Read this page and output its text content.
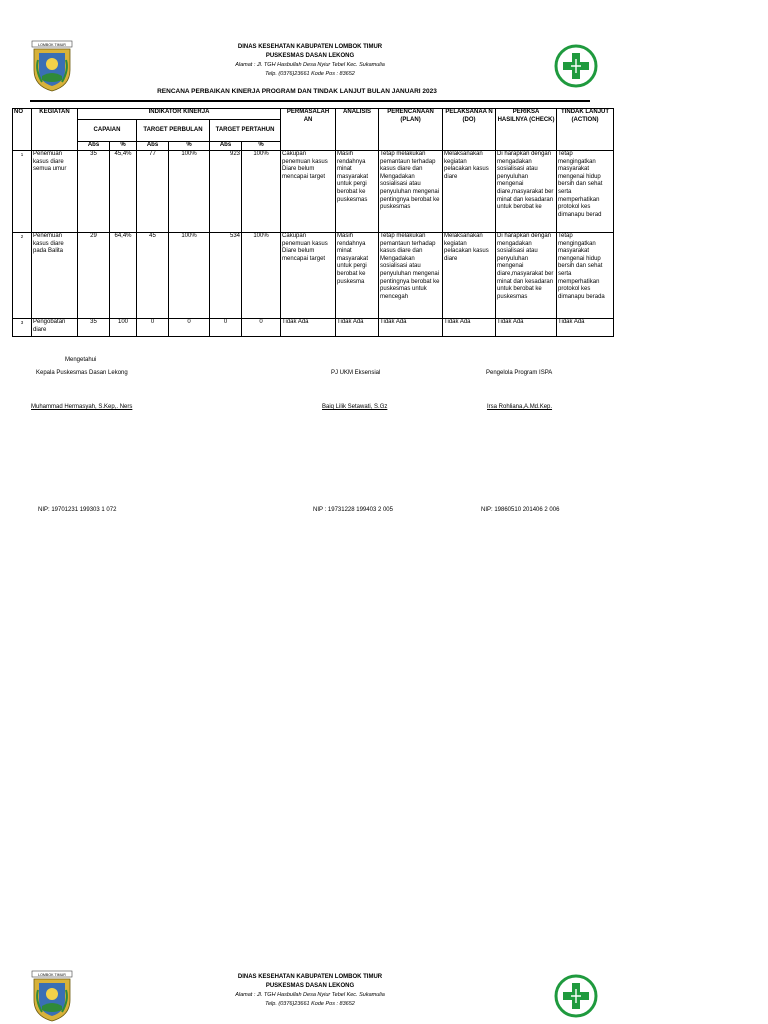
LOMBOK TIMUR	DINAS KESEHATAN KABUPATEN LOMBOK TIMUR
PUSKESMAS DASAN LEKONG
Alamat : Jl. TGH Hasbullah Desa Nyiur Tebel Kec. Sukamulia
Telp. (0376)23661 Kode Pos : 83652
RENCANA PERBAIKAN KINERJA PROGRAM DAN TINDAK LANJUT BULAN JANUARI 2023
NO	KEGIATAN	INDIKATOR KINERJA						PERMASALAH AN	ANALISIS	PERENCANAAN (PLAN)	PELAKSANAA N (DO)	PERIKSA HASILNYA (CHECK)	TINDAK LANJUT (ACTION)
		CAPAIAN		TARGET PERBULAN		TARGET PERTAHUN							
		Abs	%	Abs	%	Abs	%						
1	Penemuan kasus diare semua umur	35	45,4%	77	100%	923	100%	Cakupan penemuan kasus Diare belum mencapai target	Masih rendahnya minat masyarakat untuk pergi berobat ke puskesmas	Tetap melakukan pemantaun terhadap kasus diare dan Mengadakan sosialisasi atau penyuluhan mengenai pentingnya berobat ke puskesmas	Melaksanakan kegiatan pelacakan kasus diare	Di harapkan dengan mengadakan sosialisasi atau penyuluhan mengenai diare,masyarakat ber minat dan kesadaran untuk berobat ke	Tetap mengingatkan masyarakat mengenai hidup bersih dan sehat serta memperhatikan protokol kes dimanapu berad
2	Penemuan kasus diare pada Balita	29	64,4%	45	100%	534	100%	Cakupan penemuan kasus Diare belum mencapai target	Masih rendahnya minat masyarakat untuk pergi berobat ke puskesma	Tetap melakukan pemantaun terhadap kasus diare dan Mengadakan sosialisasi atau penyuluhan mengenai pentingnya berobat ke puskesmas untuk mencegah	Melaksanakan kegiatan pelacakan kasus diare	Di harapkan dengan mengadakan sosialisasi atau penyuluhan mengenai diare,masyarakat ber minat dan kesadaran untuk berobat ke puskesmas	Tetap mengingatkan masyarakat mengenai hidup bersih dan sehat serta memperhatikan protokol kes dimanapu berada
3	Pengobatan diare	35	100	0	0	0	0	Tidak Ada	Tidak Ada	Tidak Ada	Tidak Ada	Tidak Ada	Tidak Ada
Mengetahui
Kepala Puskesmas Dasan Lekong
Muhammad Hermasyah, S.Kep,. Ners
NIP: 19701231 199303 1 072
PJ UKM Eksensial
Baiq Lilik Setawati, S.Gz
NIP : 19731228 199403 2 005
Pengelola Program ISPA
Irsa Rohliana,A.Md.Kep.
NIP: 19860510 201406 2 006
LOMBOK TIMUR	DINAS KESEHATAN KABUPATEN LOMBOK TIMUR
PUSKESMAS DASAN LEKONG
Alamat : Jl. TGH Hasbullah Desa Nyiur Tebel Kec. Sukamulia
Telp. (0376)23661 Kode Pos : 83652
